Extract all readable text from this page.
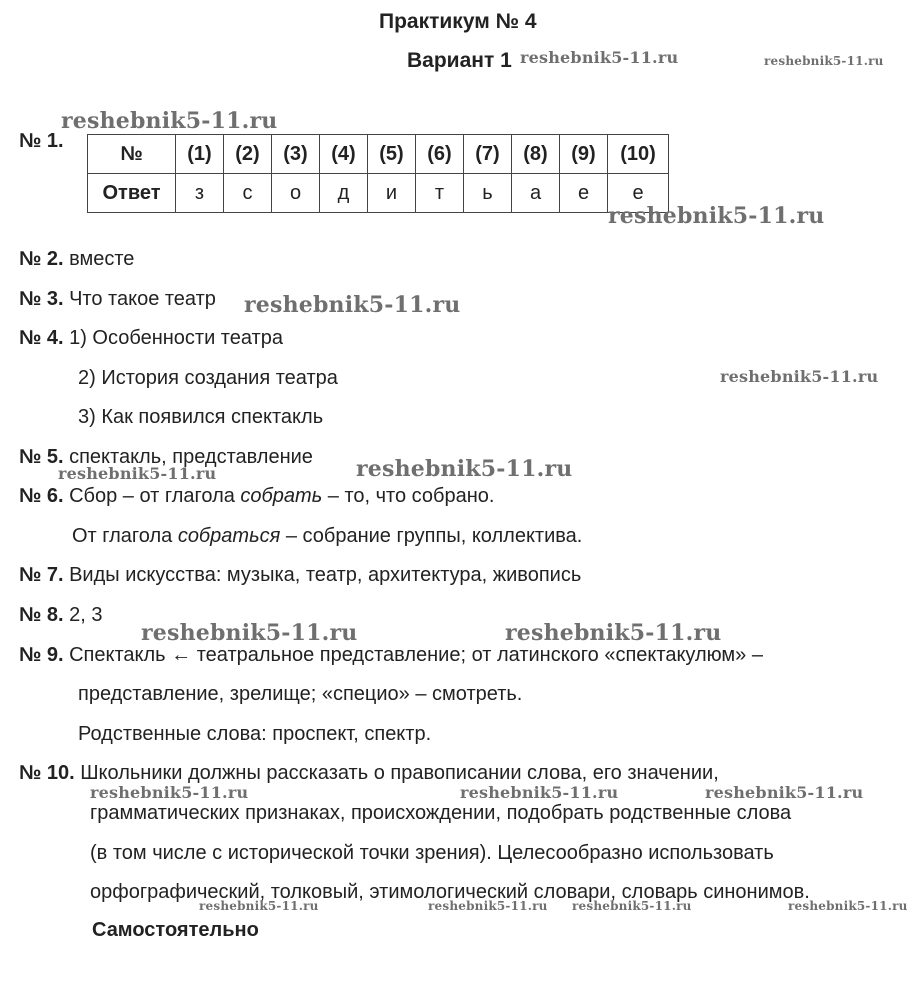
Практикум № 4
Вариант 1
№ 1.
№	(1)	(2)	(3)	(4)	(5)	(6)	(7)	(8)	(9)	(10)
Ответ	з	с	о	д	и	т	ь	а	е	е
№ 2. вместе
№ 3. Что такое театр
№ 4. 1) Особенности театра
2) История создания театра
3) Как появился спектакль
№ 5. спектакль, представление
№ 6. Сбор – от глагола собрать – то, что собрано.
От глагола собраться – собрание группы, коллектива.
№ 7. Виды искусства: музыка, театр, архитектура, живопись
№ 8. 2, 3
№ 9. Спектакль ← театральное представление; от латинского «спектакулюм» –
представление, зрелище; «специо» – смотреть.
Родственные слова: проспект, спектр.
№ 10. Школьники должны рассказать о правописании слова, его значении,
грамматических признаках, происхождении, подобрать родственные слова
(в том числе с исторической точки зрения). Целесообразно использовать
орфографический, толковый, этимологический словари, словарь синонимов.
Самостоятельно
reshebnik5-11.ru	reshebnik5-11.ru
reshebnik5-11.ru
reshebnik5-11.ru
reshebnik5-11.ru
reshebnik5-11.ru
reshebnik5-11.ru	reshebnik5-11.ru
reshebnik5-11.ru	reshebnik5-11.ru
reshebnik5-11.ru	reshebnik5-11.ru	reshebnik5-11.ru
reshebnik5-11.ru	reshebnik5-11.ru reshebnik5-11.ru	reshebnik5-11.ru
